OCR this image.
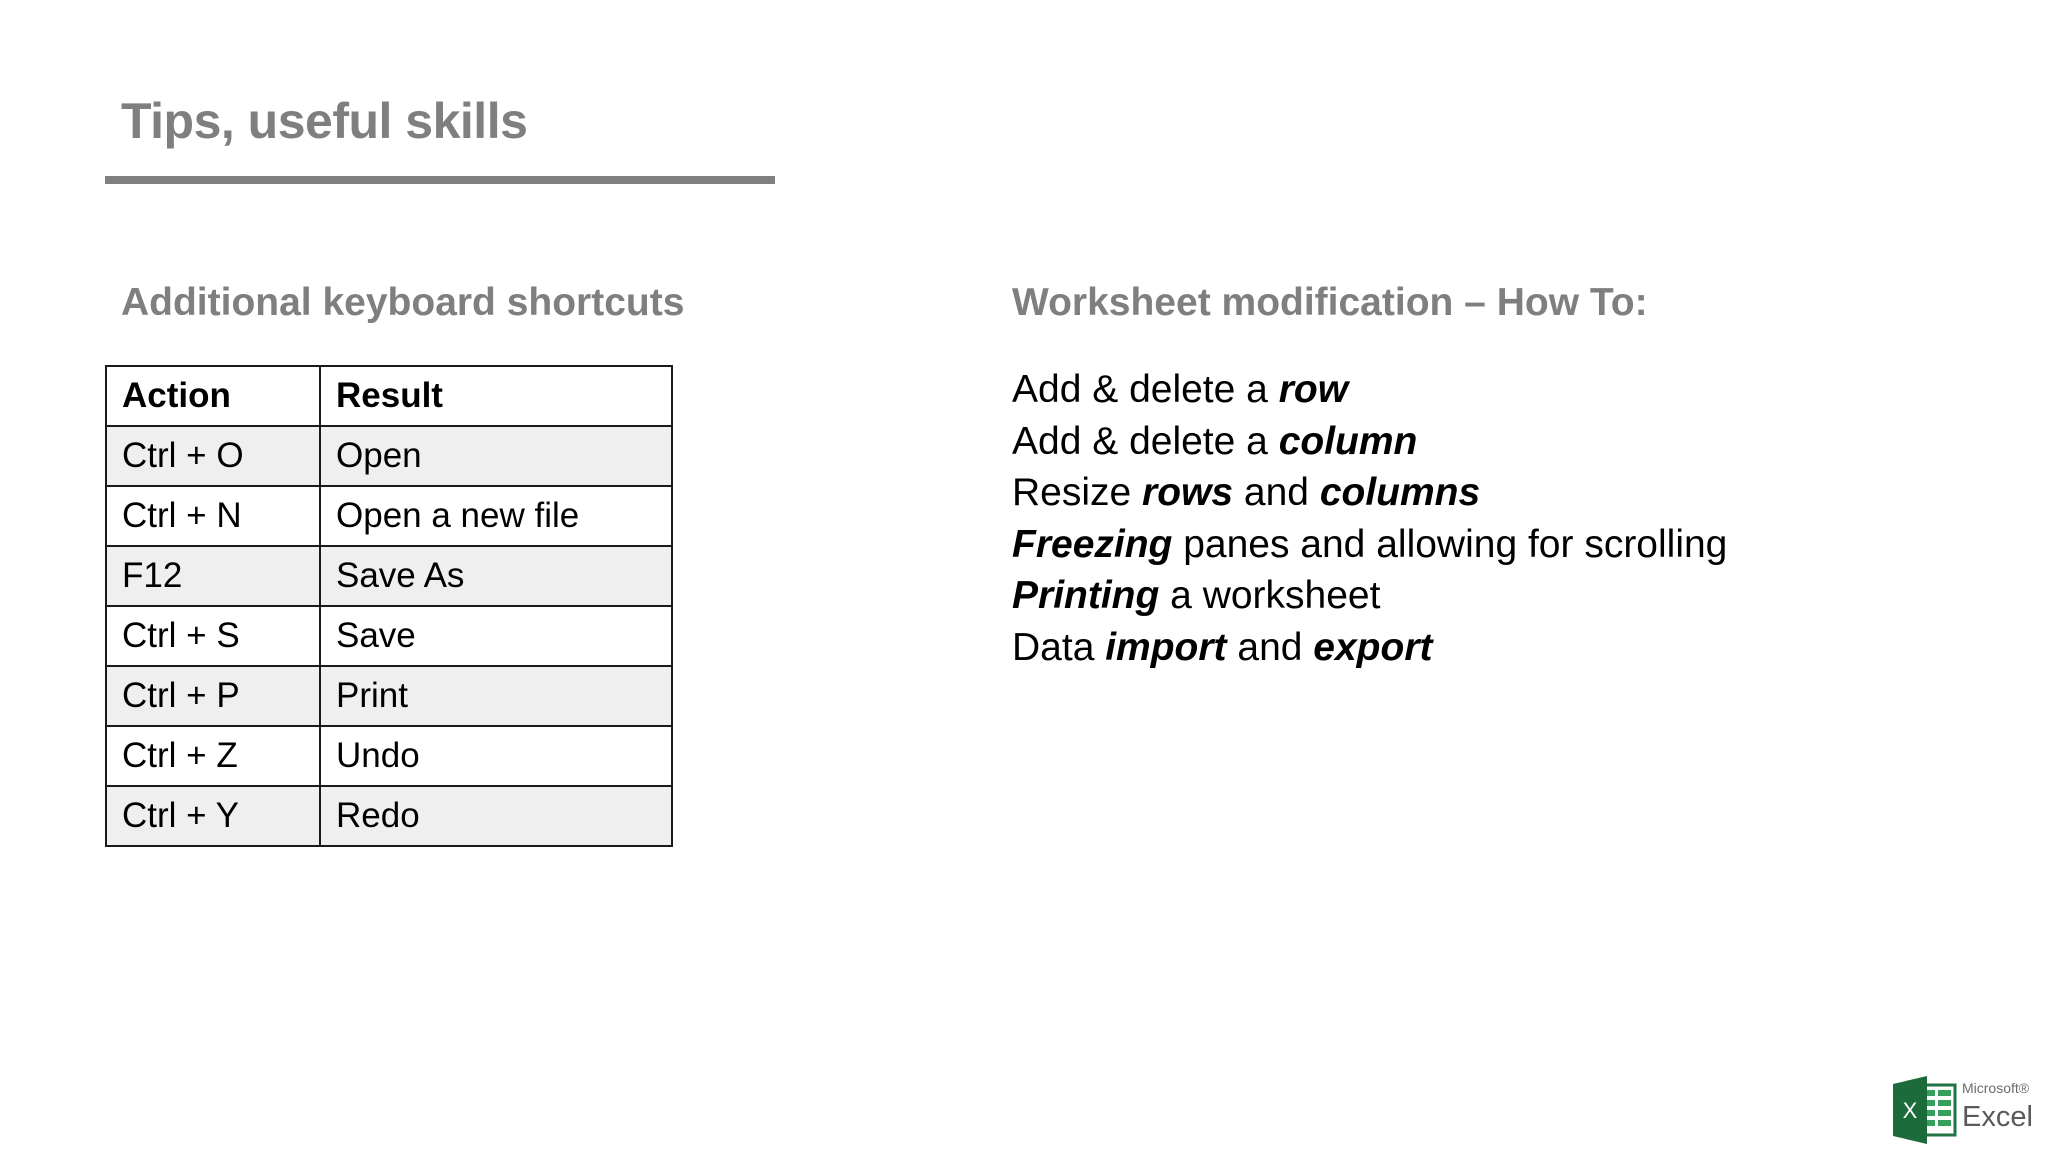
Tips, useful skills
Additional keyboard shortcuts
Action	Result
Ctrl + O	Open
Ctrl + N	Open a new file
F12	Save As
Ctrl + S	Save
Ctrl + P	Print
Ctrl + Z	Undo
Ctrl + Y	Redo
Worksheet modification – How To:
Add & delete a row
Add & delete a column
Resize rows and columns
Freezing panes and allowing for scrolling
Printing a worksheet
Data import and export
X
Microsoft®
Excel
